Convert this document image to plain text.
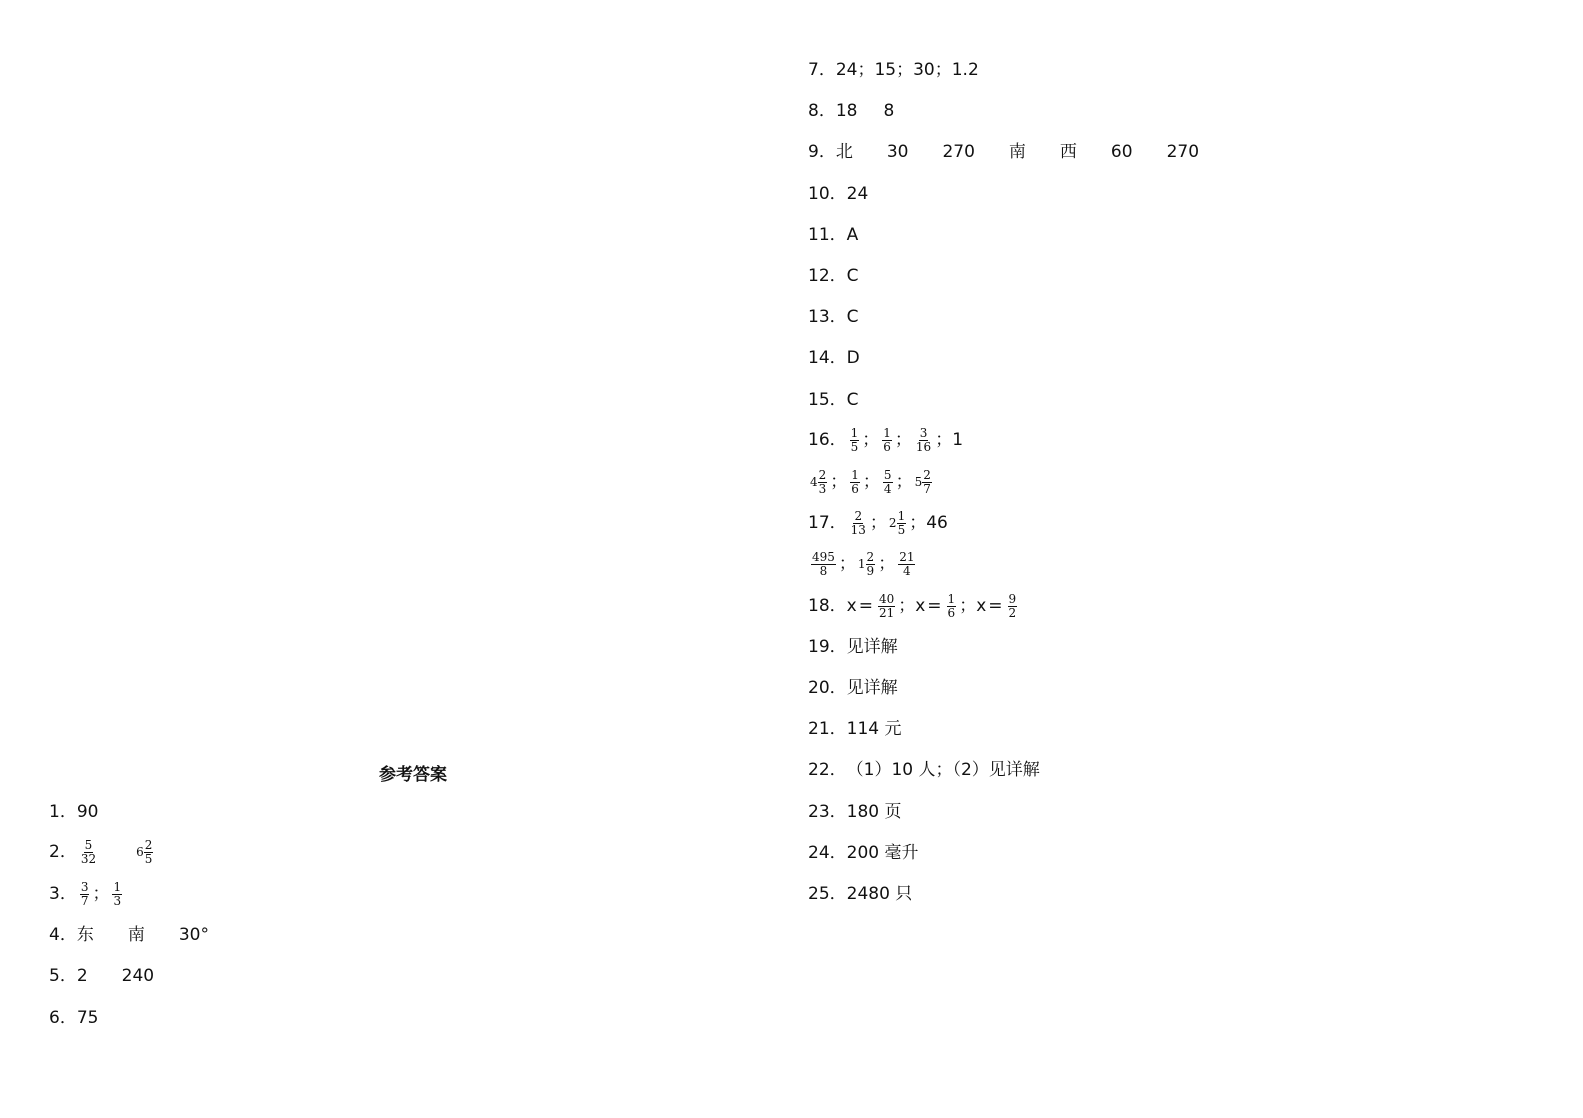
参考答案
1． 90
2． $\frac{5}{32}$	$6 \frac{2}{5}$
3． $\frac{3}{7}$ ； $\frac{1}{3}$
4． 东 南 30°
5． 2 240
6． 75
7． 24；15；30；1.2
8． 18 8
9． 北 30 270 南 西 60 270
10． 24
11． A
12． C
13． C
14． D
15． C
16． $\frac{1}{5}$ ； $\frac{1}{6}$ ； $\frac{3}{16}$ ； 1
$4 \frac{2}{3}$ ； $\frac{1}{6}$ ； $\frac{5}{4}$ ； $5 \frac{2}{7}$
17． $\frac{2}{13}$ ； $2 \frac{1}{5}$ ； 46
$\frac{495}{8}$ ； $1 \frac{2}{9}$ ； $\frac{21}{4}$
18． $x = \frac{40}{21}$ ； $x = \frac{1}{6}$ ； $x = \frac{9}{2}$
19． 见详解
20． 见详解
21． 114 元
22． （1）10 人；（2）见详解
23． 180 页
24． 200 毫升
25． 2480 只
